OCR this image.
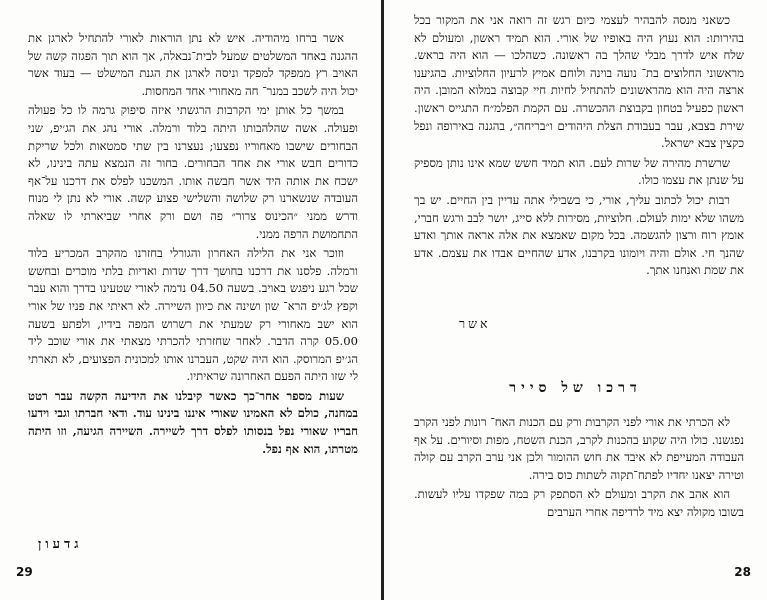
אשר ברחו מיהודיה. איש לא נתן הוראות לאורי להתחיל לארגן את ההגנה באחד המשלטים שמעל לבית־נבאלה, אך הוא תוך הפגזה קשה של האויב רץ ממפקד למפקד וניסה לארגן את הגנת המישלט — בעוד אשר יכול היה לשכב במנר־ חה מאחורי אחד המחסות.

במשך כל אותן ימי הקרבות הרגשתי איזה סיפוק גרמה לו כל פעולה ופעולה. אשה שהלהבותו היתה בלוד ורמלה. אורי נהג את הג׳יפ, שני הבחורים שישבו מאחוריו נפצעו; נעצרנו בין שתי סמטאות ולכל שריקת כדורים חבש אורי את אחד הבחורים. בחור זה הנמצא עתה בינינו, לא ישכח את אותה היד אשר חבשה אותו. המשכנו לפלס את דרכנו על־אף העובדה שנשארנו רק שלושה והשלישי פצוע קשה. אורי לא נתן לי מנוח ודרש ממני ״הכינוס צרור״ פה ושם ורק אחרי שביארתי לו שאלה התחמושת הרפה ממני.

וזוכר אני את הלילה האחרון והגורלי בחזרנו מהקרב המכריע בלוד ורמלה. פלסנו את דרכנו בחושך דרך שדות ואדיות בלתי מוכרים ובחשש שכל רגע ניפגש באויב. בשעה 04.50 נדמה לאורי שטעינו בדרך והוא עבר וקפץ לג׳יפ הרא־ שון ושינה את כיוון השיירה. לא ראיתי את פניו של אורי הוא ישב מאחורי רק שמעתי את רשרוש המפה בידיו, ולפתע בשעה 05.00 קרה הדבר. לאחר שחזרתי להכרתי מצאתי את אורי שוכב ליד הג׳יפ המרוסק. הוא היה שקט, העברנו אותו למכונית הפצועים, לא תארתי לי שזו היתה הפעם האחרונה שראיתיו.

שעות מספר אחר־כך כאשר קיבלנו את הידיעה הקשה עבר רטט במחנה, כולם לא האמינו שאורי איננו בינינו עוד. ודאי חברתו וגבי וידעו חבריו שאורי נפל בנסותו לפלס דרך לשיירה. השיירה הגיעה, וזו היתה מטרתו, הוא אף נפל.

גדעון
29

כשאני מנסה להבהיר לעצמי כיום רגש זה רואה אני את המקור בכל בהירותו: הוא נעוץ היה באופיו של אורי. הוא תמיד ראשון, ומעולם לא שלח איש לדרך מבלי שהלך בה ראשונה. כשהלכו — הוא היה בראש. מראשוני החלוצים בת־ נועה בוינה ולוחם אמיץ לרעיון החלוציות. בהגיענו ארצה היה הוא מהראשונים להתחיל לחיות חיי קבוצה במלוא המובן. היה ראשון כפעיל בטחון בקבוצת ההכשרה. עם הקמת הפלמ״ח התגייס ראשון. שירת בצבא, עבר בעבודת הצלת היהודים ו״בריחה״, בהגנה באירופה ונפל כקצין צבא ישראל.

שרשרת מהירה של שרות לעם. הוא תמיד חשש שמא אינו נותן מספיק על שנתן את עצמו כולו.

רבות יכול לכתוב עליך, אורי, כי בשבילי אתה עדיין בין החיים. יש בך משהו שלא ימות לעולם. חלוציות, מסירות ללא סייג, יושר לבב ורגש חברי, אומץ רוח ורצון להגשמה. בכל מקום שאמצא את אלה אראה אותך ואדע שהנך חי. אולם והיה ויומונו בקרבנו, אדע שהחיים אבדו את עצמם. אדע את שמת ואנחנו אתך.

אשר
דרכו של סייר

לא הכרתי את אורי לפני הקרבות ורק עם הכנות האח־ רונות לפני הקרב נפגשנו. כולו היה שקוע בהכנות לקרב, הכנת השטח, מפות וסיורים. על אף העבודה המעייפת לא איבד את חוש ההומור ולכן אני ערב הקרב עם קולה וטירה יצאנו יחדיו לפתח־תקוה לשתות כוס בירה.

הוא אהב את הקרב ומעולם לא הסתפק רק במה שפקדו עליו לעשות. בשובו מקולה יצא מיד לרדיפה אחרי הערבים

28
